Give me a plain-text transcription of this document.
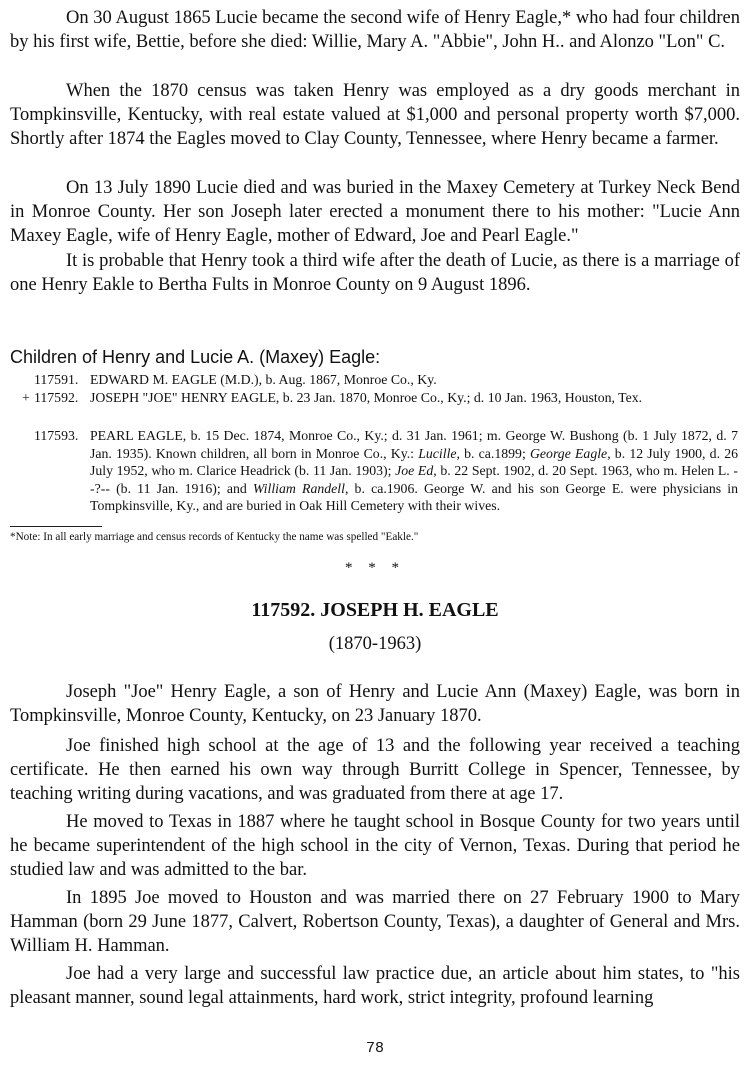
On 30 August 1865 Lucie became the second wife of Henry Eagle,* who had four children by his first wife, Bettie, before she died: Willie, Mary A. "Abbie", John H.. and Alonzo "Lon" C.

When the 1870 census was taken Henry was employed as a dry goods merchant in Tompkinsville, Kentucky, with real estate valued at $1,000 and personal property worth $7,000. Shortly after 1874 the Eagles moved to Clay County, Tennessee, where Henry became a farmer.

On 13 July 1890 Lucie died and was buried in the Maxey Cemetery at Turkey Neck Bend in Monroe County. Her son Joseph later erected a monument there to his mother: "Lucie Ann Maxey Eagle, wife of Henry Eagle, mother of Edward, Joe and Pearl Eagle."

It is probable that Henry took a third wife after the death of Lucie, as there is a marriage of one Henry Eakle to Bertha Fults in Monroe County on 9 August 1896.

Children of Henry and Lucie A. (Maxey) Eagle:

117591. EDWARD M. EAGLE (M.D.), b. Aug. 1867, Monroe Co., Ky.
+ 117592. JOSEPH "JOE" HENRY EAGLE, b. 23 Jan. 1870, Monroe Co., Ky.; d. 10 Jan. 1963, Houston, Tex.
117593. PEARL EAGLE, b. 15 Dec. 1874, Monroe Co., Ky.; d. 31 Jan. 1961; m. George W. Bushong (b. 1 July 1872, d. 7 Jan. 1935). Known children, all born in Monroe Co., Ky.: Lucille, b. ca.1899; George Eagle, b. 12 July 1900, d. 26 July 1952, who m. Clarice Headrick (b. 11 Jan. 1903); Joe Ed, b. 22 Sept. 1902, d. 20 Sept. 1963, who m. Helen L. --?-- (b. 11 Jan. 1916); and William Randell, b. ca.1906. George W. and his son George E. were physicians in Tompkinsville, Ky., and are buried in Oak Hill Cemetery with their wives.

*Note: In all early marriage and census records of Kentucky the name was spelled "Eakle."

* * *
117592. JOSEPH H. EAGLE

(1870-1963)

Joseph "Joe" Henry Eagle, a son of Henry and Lucie Ann (Maxey) Eagle, was born in Tompkinsville, Monroe County, Kentucky, on 23 January 1870.

Joe finished high school at the age of 13 and the following year received a teaching certificate. He then earned his own way through Burritt College in Spencer, Tennessee, by teaching writing during vacations, and was graduated from there at age 17.

He moved to Texas in 1887 where he taught school in Bosque County for two years until he became superintendent of the high school in the city of Vernon, Texas. During that period he studied law and was admitted to the bar.

In 1895 Joe moved to Houston and was married there on 27 February 1900 to Mary Hamman (born 29 June 1877, Calvert, Robertson County, Texas), a daughter of General and Mrs. William H. Hamman.

Joe had a very large and successful law practice due, an article about him states, to "his pleasant manner, sound legal attainments, hard work, strict integrity, profound learning

78
